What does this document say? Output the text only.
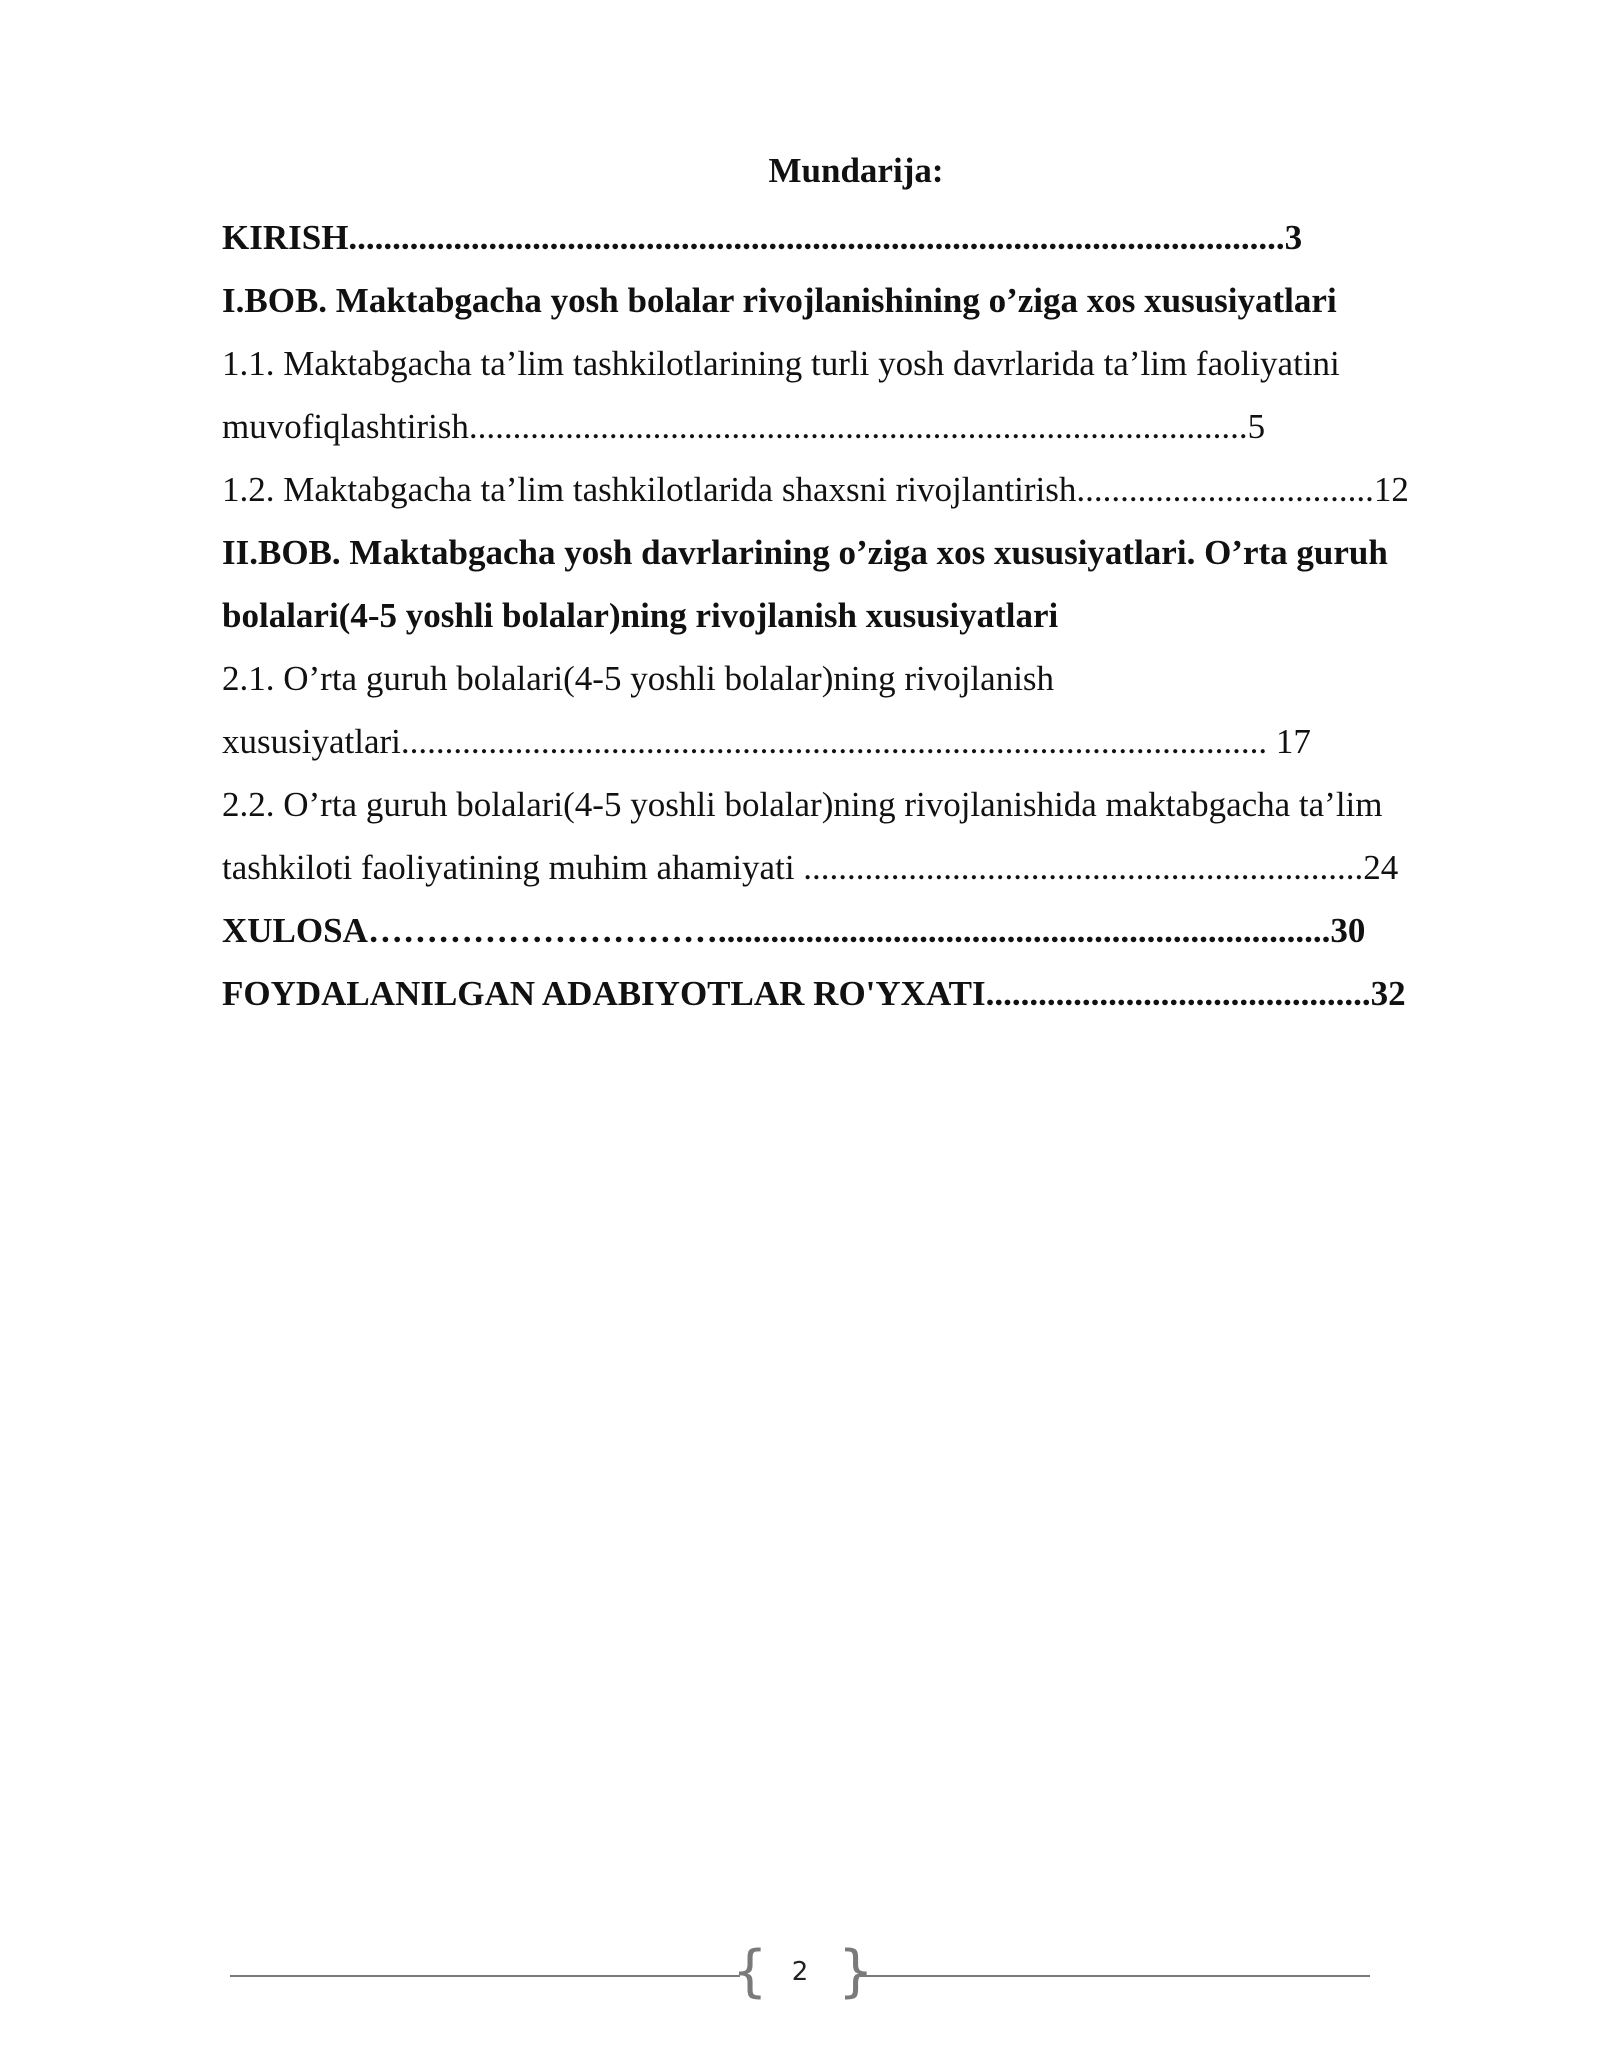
Mundarija:
KIRISH...........................................................................................................3
I.BOB. Maktabgacha yosh bolalar rivojlanishining o’ziga xos xususiyatlari
1.1. Maktabgacha ta’lim tashkilotlarining turli yosh davrlarida ta’lim faoliyatini
muvofiqlashtirish.........................................................................................5
1.2. Maktabgacha ta’lim tashkilotlarida shaxsni rivojlantirish..................................12
II.BOB. Maktabgacha yosh davrlarining o’ziga xos xususiyatlari. O’rta guruh
bolalari(4-5 yoshli bolalar)ning rivojlanish xususiyatlari
2.1. O’rta guruh bolalari(4-5 yoshli bolalar)ning rivojlanish
xususiyatlari................................................................................................... 17
2.2. O’rta guruh bolalari(4-5 yoshli bolalar)ning rivojlanishida maktabgacha ta’lim
tashkiloti faoliyatining muhim ahamiyati ................................................................24
XULOSA…………………………......................................................................30
FOYDALANILGAN ADABIYOTLAR RO'YXATI............................................32
{ 2 }
